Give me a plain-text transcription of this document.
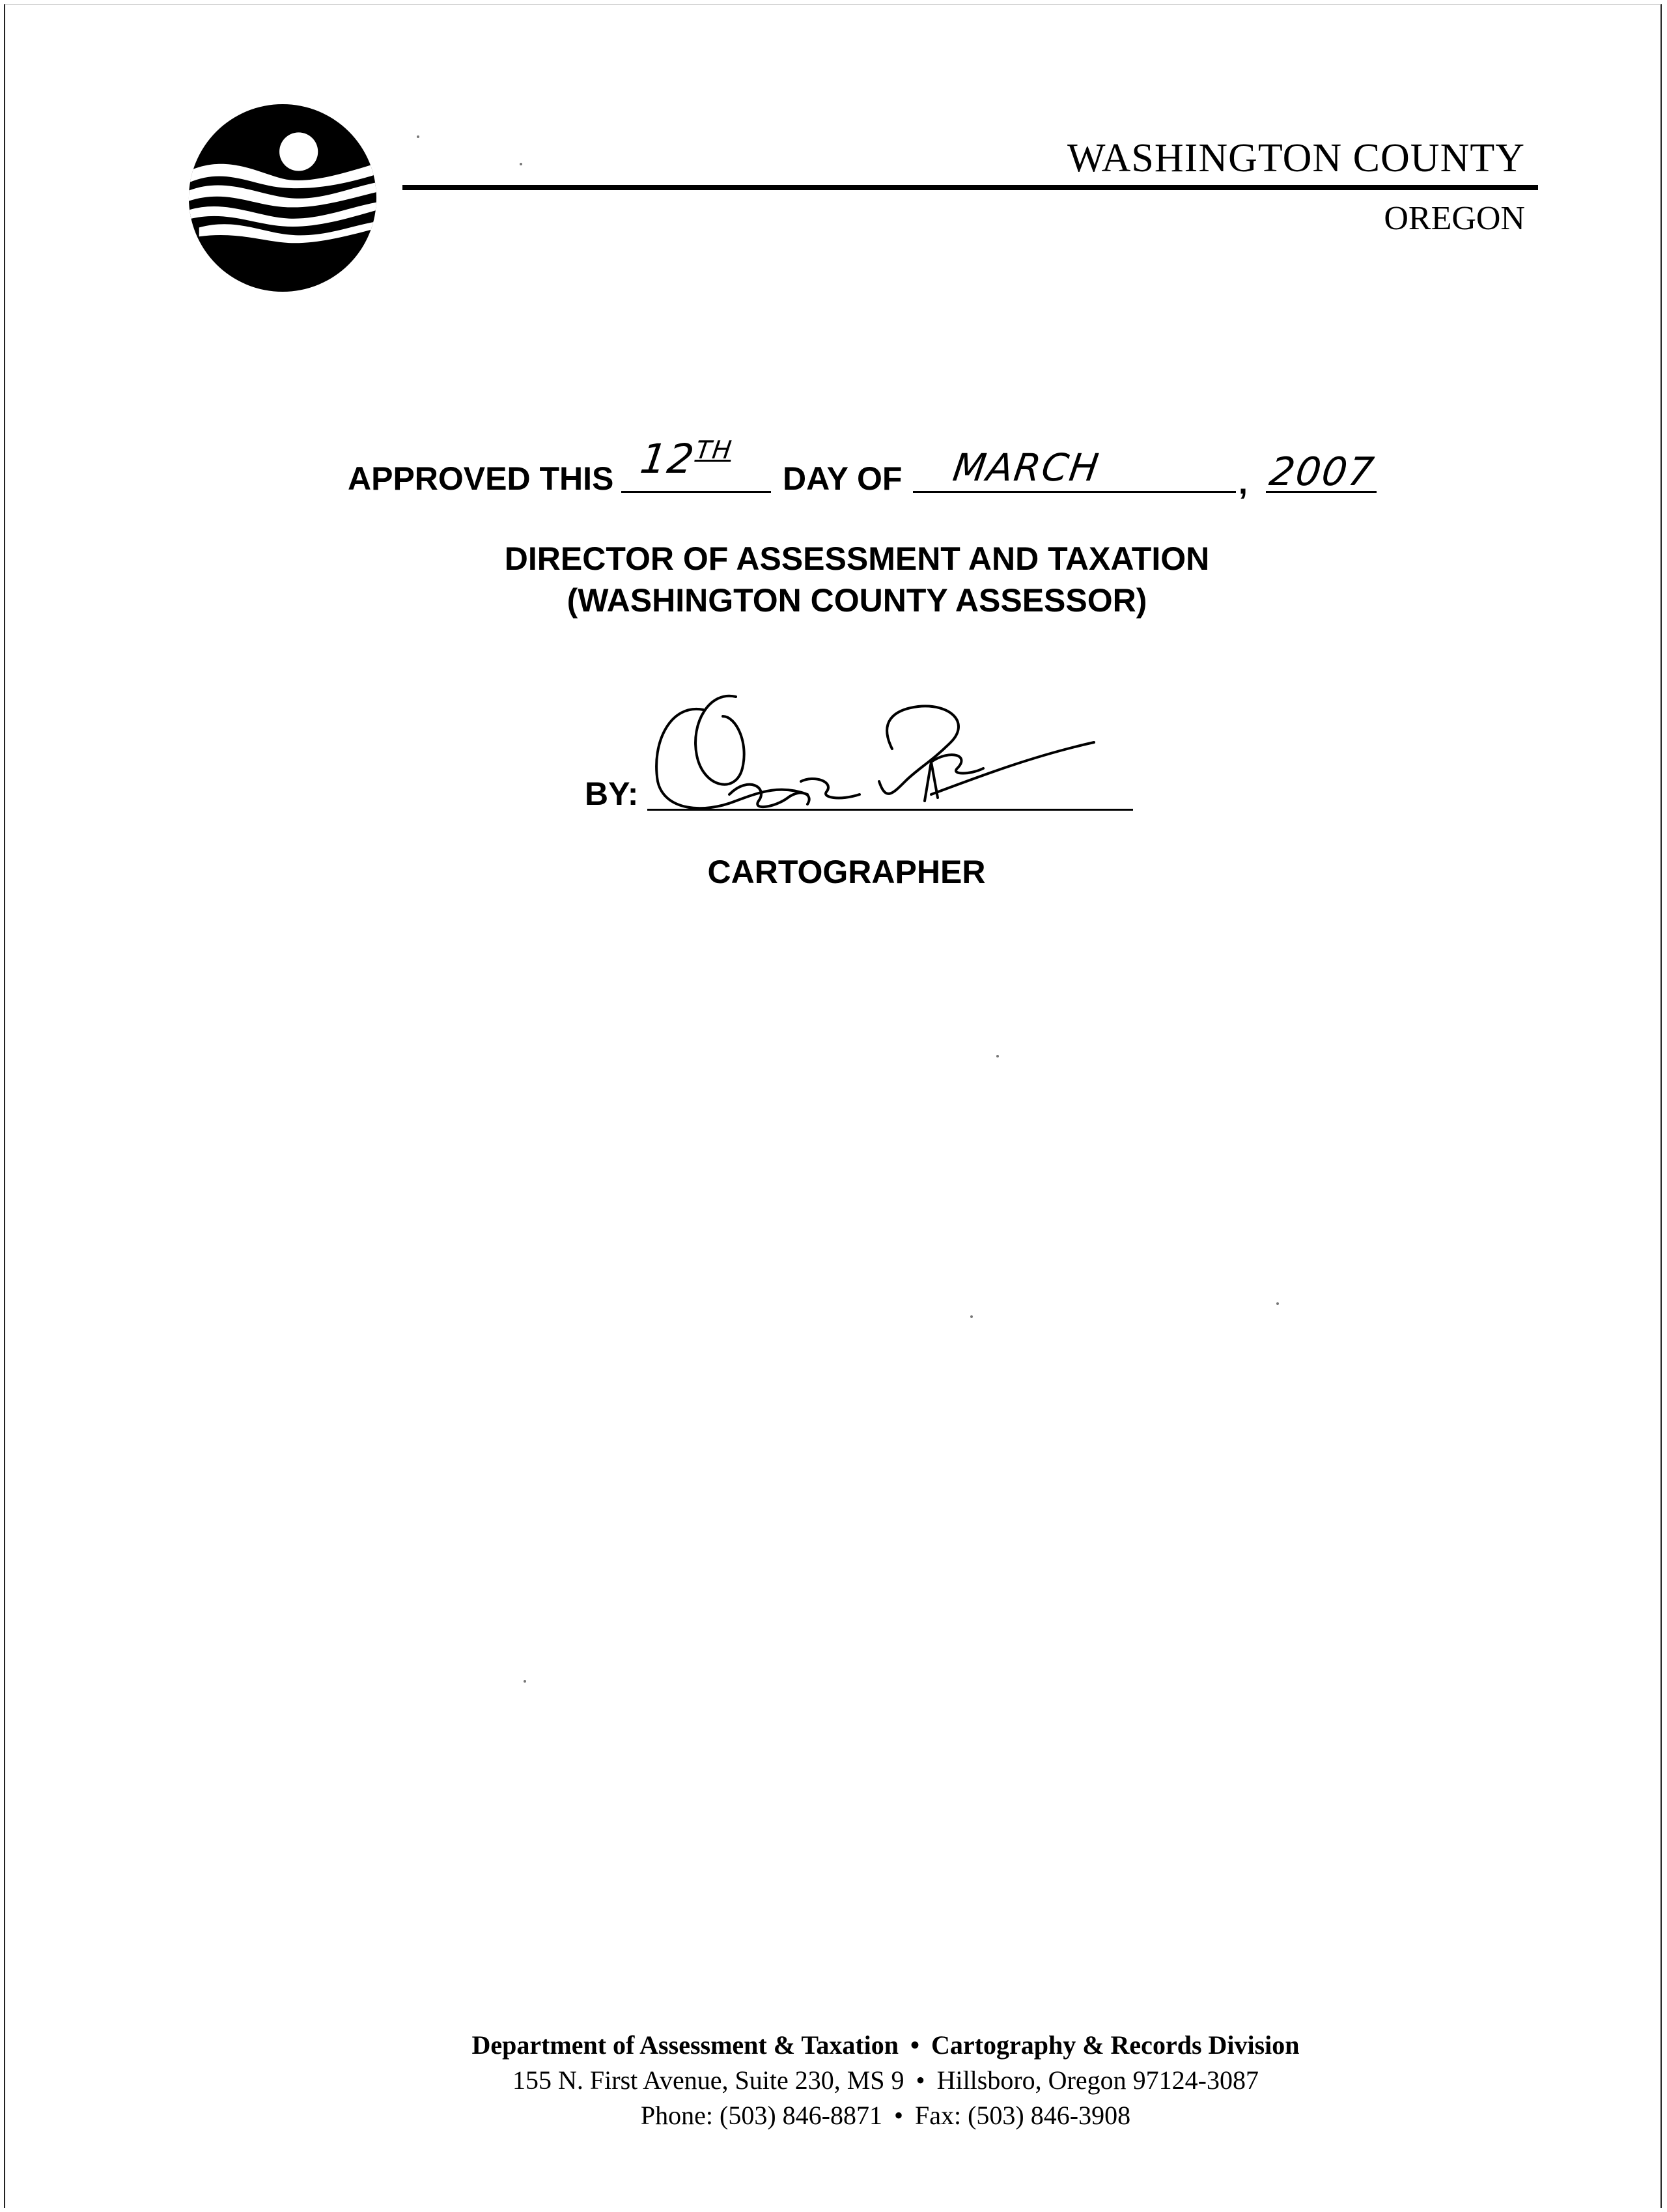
WASHINGTON COUNTY
OREGON
APPROVED THIS 12TH
DAY OF MARCH	, 2007
DIRECTOR OF ASSESSMENT AND TAXATION
(WASHINGTON COUNTY ASSESSOR)
BY:
CARTOGRAPHER
Department of Assessment & Taxation • Cartography & Records Division
155 N. First Avenue, Suite 230, MS 9 • Hillsboro, Oregon 97124-3087
Phone: (503) 846-8871 • Fax: (503) 846-3908
